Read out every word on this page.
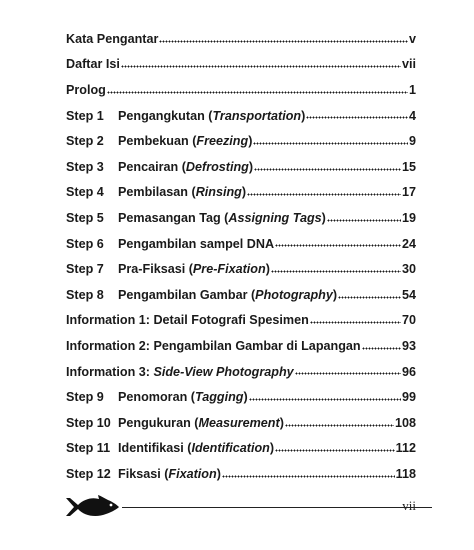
Kata Pengantar	v
Daftar Isi	vii
Prolog	1
Step 1	Pengangkutan (Transportation)	4
Step 2	Pembekuan (Freezing)	9
Step 3	Pencairan (Defrosting)	15
Step 4	Pembilasan (Rinsing)	17
Step 5	Pemasangan Tag (Assigning Tags)	19
Step 6	Pengambilan sampel DNA	24
Step 7	Pra-Fiksasi (Pre-Fixation)	30
Step 8	Pengambilan Gambar (Photography)	54
Information 1: Detail Fotografi Spesimen	70
Information 2: Pengambilan Gambar di Lapangan	93
Information 3: Side-View Photography	96
Step 9	Penomoran (Tagging)	99
Step 10 Pengukuran (Measurement)	108
Step 11 Identifikasi (Identification)	112
Step 12 Fiksasi (Fixation)	118
vii
